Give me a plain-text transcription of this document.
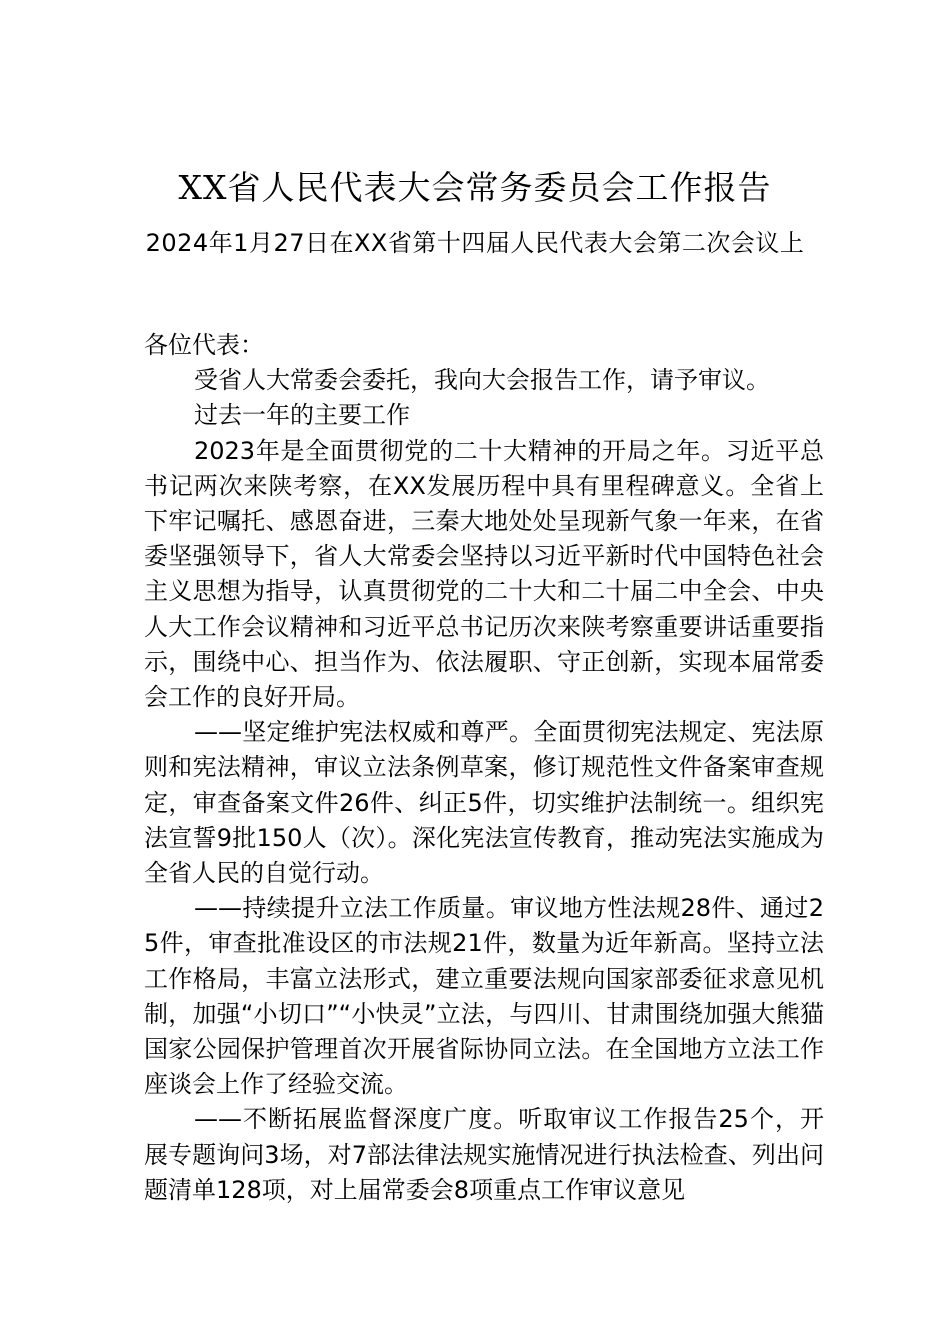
XX省人民代表大会常务委员会工作报告
2024年1月27日在XX省第十四届人民代表大会第二次会议上

各位代表：

受省人大常委会委托，我向大会报告工作，请予审议。

过去一年的主要工作

2023年是全面贯彻党的二十大精神的开局之年。习近平总书记两次来陕考察，在XX发展历程中具有里程碑意义。全省上下牢记嘱托、感恩奋进，三秦大地处处呈现新气象一年来，在省委坚强领导下，省人大常委会坚持以习近平新时代中国特色社会主义思想为指导，认真贯彻党的二十大和二十届二中全会、中央人大工作会议精神和习近平总书记历次来陕考察重要讲话重要指示，围绕中心、担当作为、依法履职、守正创新，实现本届常委会工作的良好开局。

——坚定维护宪法权威和尊严。全面贯彻宪法规定、宪法原则和宪法精神，审议立法条例草案，修订规范性文件备案审查规定，审查备案文件26件、纠正5件，切实维护法制统一。组织宪法宣誓9批150人（次）。深化宪法宣传教育，推动宪法实施成为全省人民的自觉行动。

——持续提升立法工作质量。审议地方性法规28件、通过25件，审查批准设区的市法规21件，数量为近年新高。坚持立法工作格局，丰富立法形式，建立重要法规向国家部委征求意见机制，加强“小切口”“小快灵”立法，与四川、甘肃围绕加强大熊猫国家公园保护管理首次开展省际协同立法。在全国地方立法工作座谈会上作了经验交流。

——不断拓展监督深度广度。听取审议工作报告25个，开展专题询问3场，对7部法律法规实施情况进行执法检查、列出问题清单128项，对上届常委会8项重点工作审议意见
